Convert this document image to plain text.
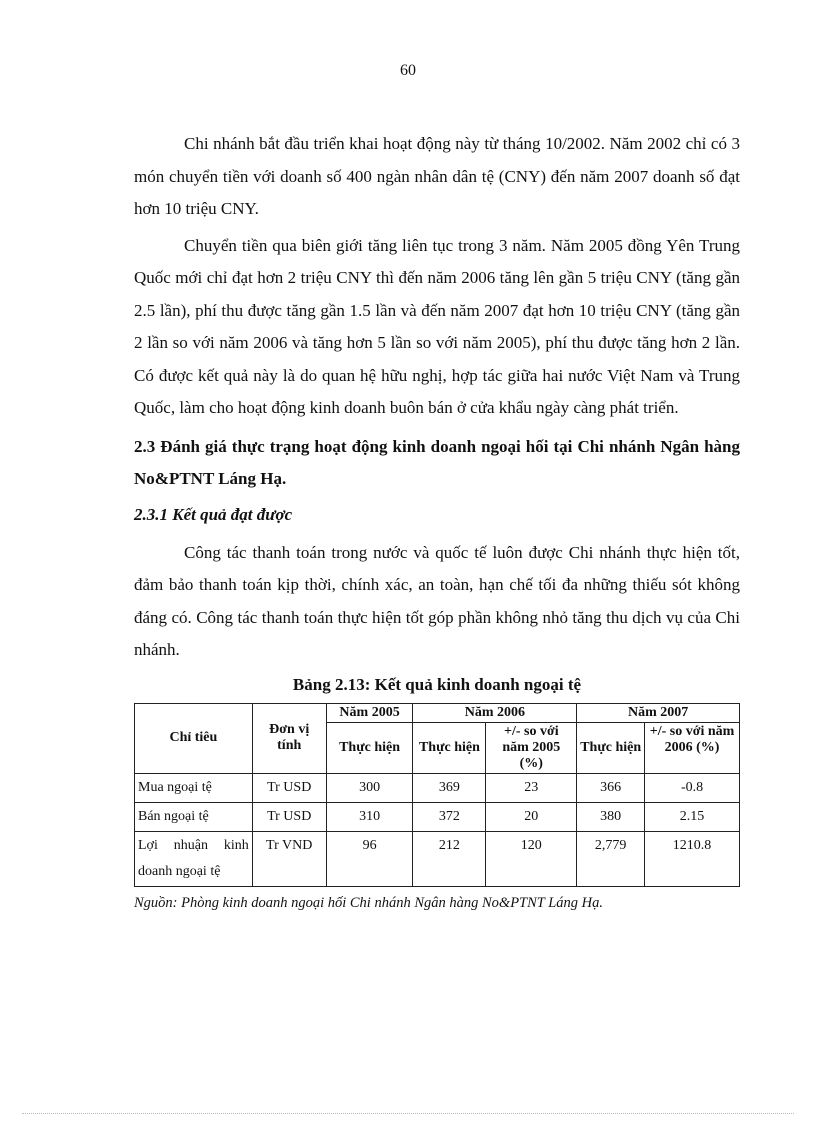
60

Chi nhánh bắt đầu triển khai hoạt động này từ tháng 10/2002. Năm 2002 chỉ có 3 món chuyển tiền với doanh số 400 ngàn nhân dân tệ (CNY) đến năm 2007 doanh số đạt hơn 10 triệu CNY.

Chuyển tiền qua biên giới tăng liên tục trong 3 năm. Năm 2005 đồng Yên Trung Quốc mới chỉ đạt hơn 2 triệu CNY thì đến năm 2006 tăng lên gần 5 triệu CNY (tăng gần 2.5 lần), phí thu được tăng gần 1.5 lần và đến năm 2007 đạt hơn 10 triệu CNY (tăng gần 2 lần so với năm 2006 và tăng hơn 5 lần so với năm 2005), phí thu được tăng hơn 2 lần. Có được kết quả này là do quan hệ hữu nghị, hợp tác giữa hai nước Việt Nam và Trung Quốc, làm cho hoạt động kinh doanh buôn bán ở cửa khẩu ngày càng phát triển.

2.3 Đánh giá thực trạng hoạt động kinh doanh ngoại hối tại Chi nhánh Ngân hàng No&PTNT Láng Hạ.
2.3.1 Kết quả đạt được

Công tác thanh toán trong nước và quốc tế luôn được Chi nhánh thực hiện tốt, đảm bảo thanh toán kịp thời, chính xác, an toàn, hạn chế tối đa những thiếu sót không đáng có. Công tác thanh toán thực hiện tốt góp phần không nhỏ tăng thu dịch vụ của Chi nhánh.

Bảng 2.13: Kết quả kinh doanh ngoại tệ
Chỉ tiêu	Đơn vị tính	Năm 2005	Năm 2006		Năm 2007	
		Thực hiện	Thực hiện	+/- so với năm 2005 (%)	Thực hiện	+/- so với năm 2006 (%)
Mua ngoại tệ	Tr USD	300	369	23	366	-0.8
Bán ngoại tệ	Tr USD	310	372	20	380	2.15
Lợi nhuận kinh doanh ngoại tệ	Tr VND	96	212	120	2,779	1210.8
Nguồn: Phòng kinh doanh ngoại hối Chi nhánh Ngân hàng No&PTNT Láng Hạ.
